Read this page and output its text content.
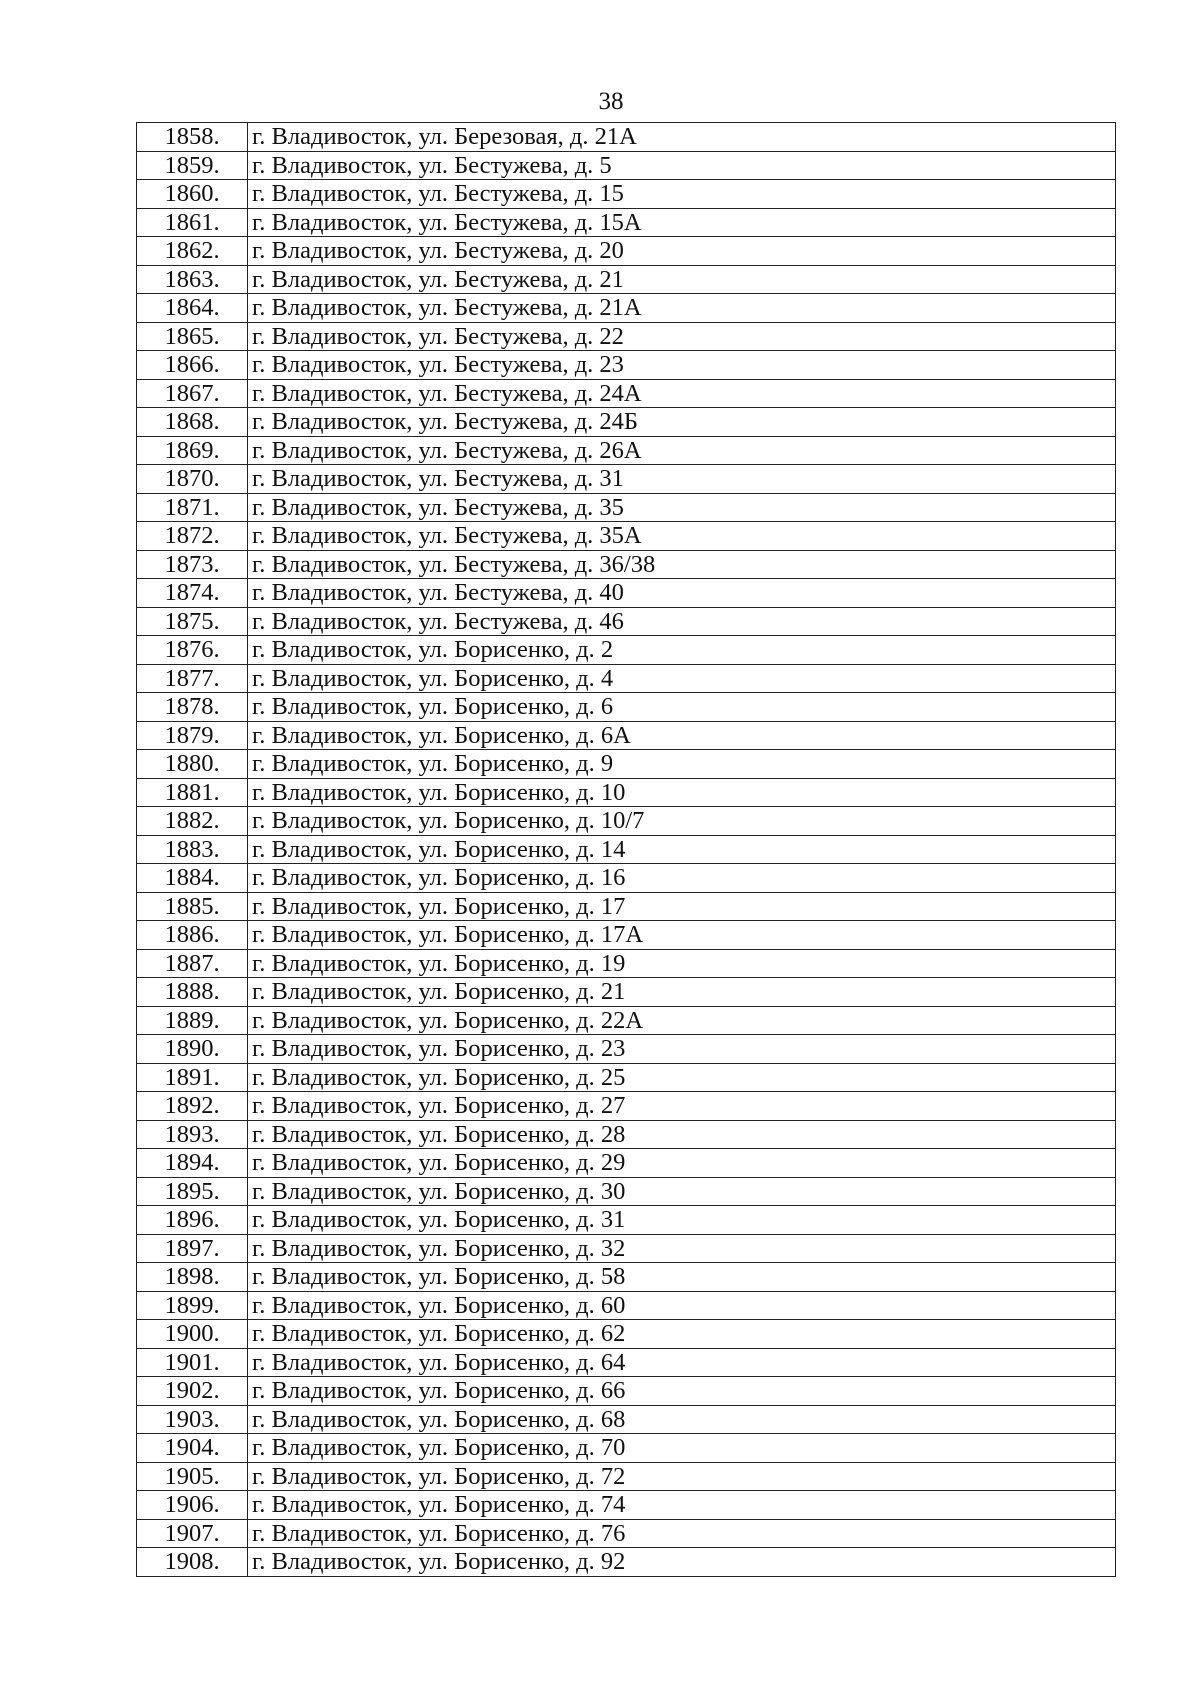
38
1858.	г. Владивосток, ул. Березовая, д. 21А
1859.	г. Владивосток, ул. Бестужева, д. 5
1860.	г. Владивосток, ул. Бестужева, д. 15
1861.	г. Владивосток, ул. Бестужева, д. 15А
1862.	г. Владивосток, ул. Бестужева, д. 20
1863.	г. Владивосток, ул. Бестужева, д. 21
1864.	г. Владивосток, ул. Бестужева, д. 21А
1865.	г. Владивосток, ул. Бестужева, д. 22
1866.	г. Владивосток, ул. Бестужева, д. 23
1867.	г. Владивосток, ул. Бестужева, д. 24А
1868.	г. Владивосток, ул. Бестужева, д. 24Б
1869.	г. Владивосток, ул. Бестужева, д. 26А
1870.	г. Владивосток, ул. Бестужева, д. 31
1871.	г. Владивосток, ул. Бестужева, д. 35
1872.	г. Владивосток, ул. Бестужева, д. 35А
1873.	г. Владивосток, ул. Бестужева, д. 36/38
1874.	г. Владивосток, ул. Бестужева, д. 40
1875.	г. Владивосток, ул. Бестужева, д. 46
1876.	г. Владивосток, ул. Борисенко, д. 2
1877.	г. Владивосток, ул. Борисенко, д. 4
1878.	г. Владивосток, ул. Борисенко, д. 6
1879.	г. Владивосток, ул. Борисенко, д. 6А
1880.	г. Владивосток, ул. Борисенко, д. 9
1881.	г. Владивосток, ул. Борисенко, д. 10
1882.	г. Владивосток, ул. Борисенко, д. 10/7
1883.	г. Владивосток, ул. Борисенко, д. 14
1884.	г. Владивосток, ул. Борисенко, д. 16
1885.	г. Владивосток, ул. Борисенко, д. 17
1886.	г. Владивосток, ул. Борисенко, д. 17А
1887.	г. Владивосток, ул. Борисенко, д. 19
1888.	г. Владивосток, ул. Борисенко, д. 21
1889.	г. Владивосток, ул. Борисенко, д. 22А
1890.	г. Владивосток, ул. Борисенко, д. 23
1891.	г. Владивосток, ул. Борисенко, д. 25
1892.	г. Владивосток, ул. Борисенко, д. 27
1893.	г. Владивосток, ул. Борисенко, д. 28
1894.	г. Владивосток, ул. Борисенко, д. 29
1895.	г. Владивосток, ул. Борисенко, д. 30
1896.	г. Владивосток, ул. Борисенко, д. 31
1897.	г. Владивосток, ул. Борисенко, д. 32
1898.	г. Владивосток, ул. Борисенко, д. 58
1899.	г. Владивосток, ул. Борисенко, д. 60
1900.	г. Владивосток, ул. Борисенко, д. 62
1901.	г. Владивосток, ул. Борисенко, д. 64
1902.	г. Владивосток, ул. Борисенко, д. 66
1903.	г. Владивосток, ул. Борисенко, д. 68
1904.	г. Владивосток, ул. Борисенко, д. 70
1905.	г. Владивосток, ул. Борисенко, д. 72
1906.	г. Владивосток, ул. Борисенко, д. 74
1907.	г. Владивосток, ул. Борисенко, д. 76
1908.	г. Владивосток, ул. Борисенко, д. 92
